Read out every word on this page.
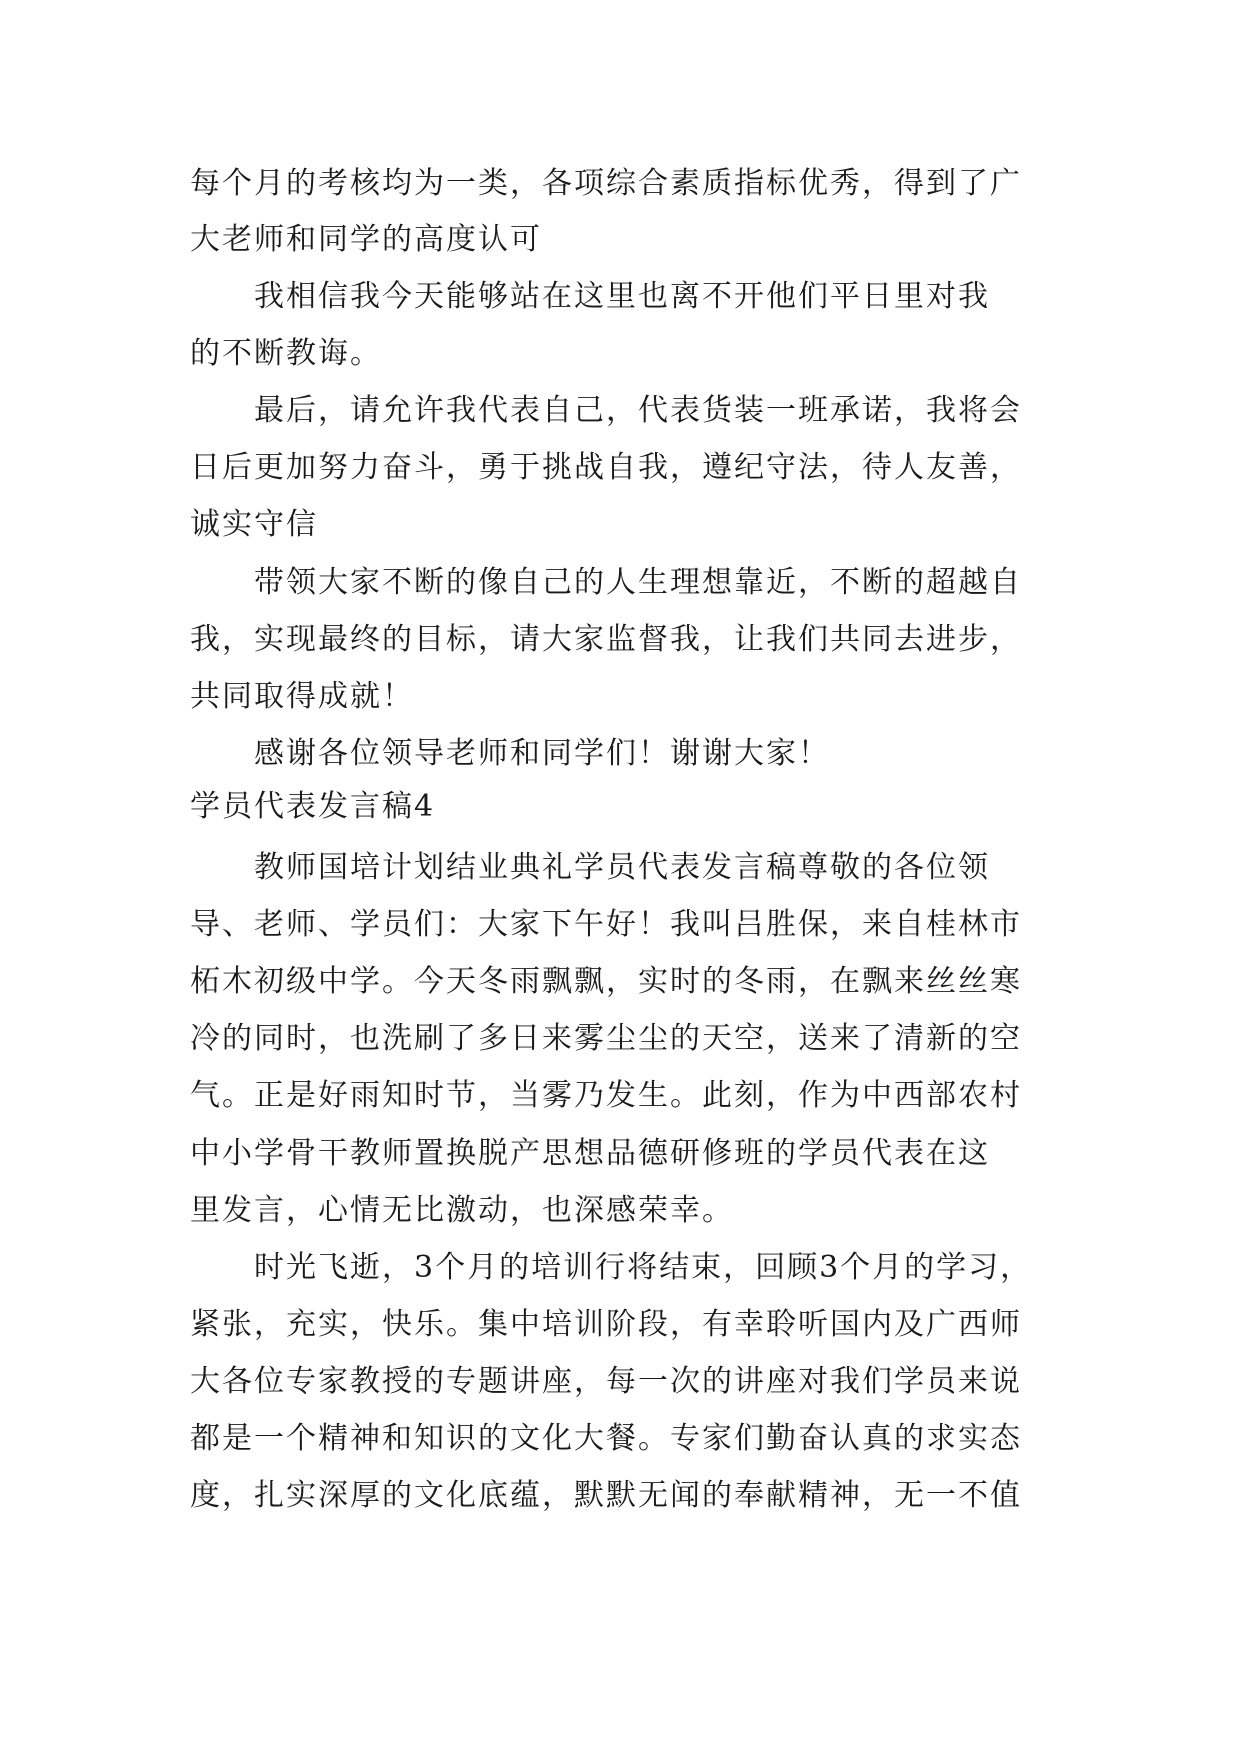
每个月的考核均为一类，各项综合素质指标优秀，得到了广
大老师和同学的高度认可
我相信我今天能够站在这里也离不开他们平日里对我
的不断教诲。
最后，请允许我代表自己，代表货装一班承诺，我将会
日后更加努力奋斗，勇于挑战自我，遵纪守法，待人友善，
诚实守信
带领大家不断的像自己的人生理想靠近，不断的超越自
我，实现最终的目标，请大家监督我，让我们共同去进步，
共同取得成就！
感谢各位领导老师和同学们！谢谢大家！
学员代表发言稿4
教师国培计划结业典礼学员代表发言稿尊敬的各位领
导、老师、学员们：大家下午好！我叫吕胜保，来自桂林市
柘木初级中学。今天冬雨飘飘，实时的冬雨，在飘来丝丝寒
冷的同时，也洗刷了多日来雾尘尘的天空，送来了清新的空
气。正是好雨知时节，当雾乃发生。此刻，作为中西部农村
中小学骨干教师置换脱产思想品德研修班的学员代表在这
里发言，心情无比激动，也深感荣幸。
时光飞逝，3个月的培训行将结束，回顾3个月的学习，
紧张，充实，快乐。集中培训阶段，有幸聆听国内及广西师
大各位专家教授的专题讲座，每一次的讲座对我们学员来说
都是一个精神和知识的文化大餐。专家们勤奋认真的求实态
度，扎实深厚的文化底蕴，默默无闻的奉献精神，无一不值
